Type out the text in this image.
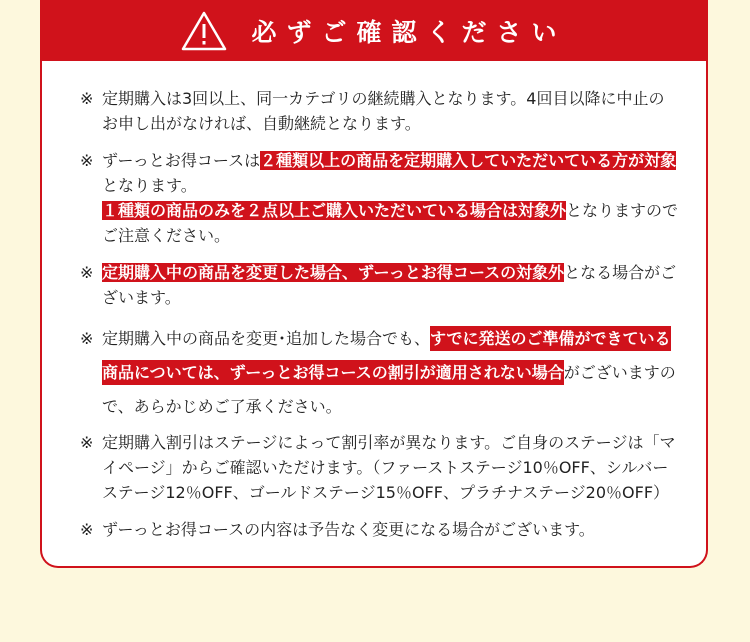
必ずご確認ください
※ 定期購入は3回以上、同一カテゴリの継続購入となります。4回目以降に中止のお申し出がなければ、自動継続となります。
※ ずーっとお得コースは２種類以上の商品を定期購入していただいている方が対象となります。
１種類の商品のみを２点以上ご購入いただいている場合は対象外となりますのでご注意ください。
※ 定期購入中の商品を変更した場合、ずーっとお得コースの対象外となる場合がございます。
※ 定期購入中の商品を変更･追加した場合でも、すでに発送のご準備ができている商品については、ずーっとお得コースの割引が適用されない場合がございますので、あらかじめご了承ください。
※ 定期購入割引はステージによって割引率が異なります。ご自身のステージは「マイページ」からご確認いただけます。（ファーストステージ10％OFF、シルバーステージ12％OFF、ゴールドステージ15％OFF、プラチナステージ20％OFF）
※ ずーっとお得コースの内容は予告なく変更になる場合がございます。
